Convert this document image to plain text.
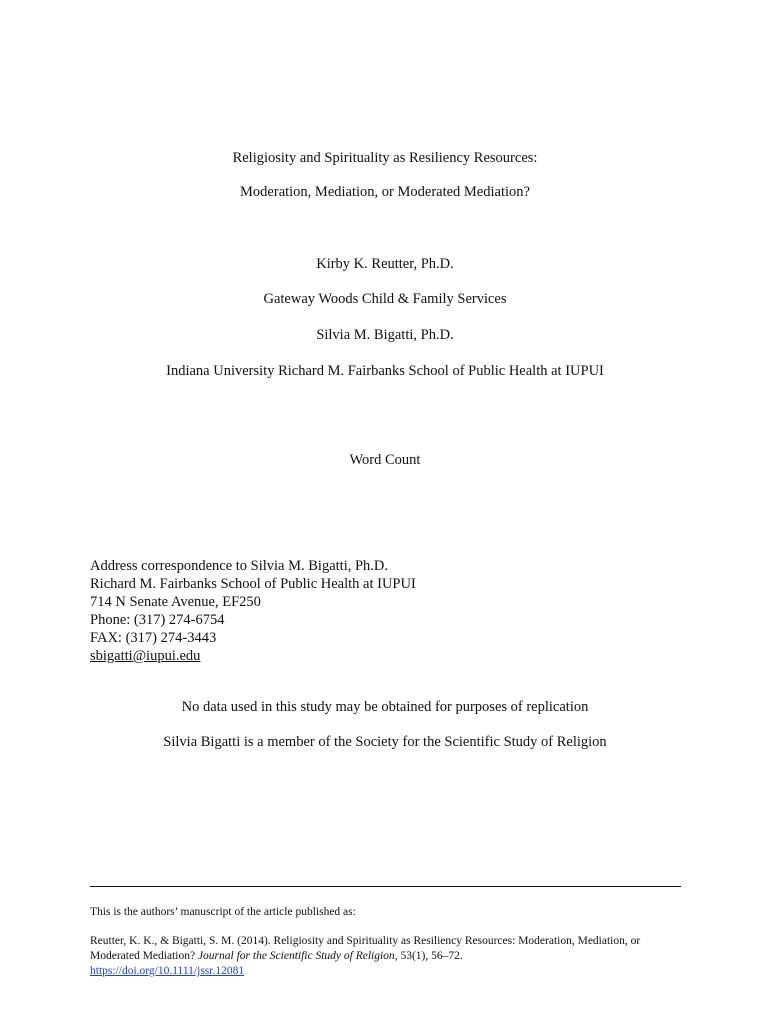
Religiosity and Spirituality as Resiliency Resources:
Moderation, Mediation, or Moderated Mediation?
Kirby K. Reutter, Ph.D.
Gateway Woods Child & Family Services
Silvia M. Bigatti, Ph.D.
Indiana University Richard M. Fairbanks School of Public Health at IUPUI
Word Count
Address correspondence to Silvia M. Bigatti, Ph.D.
Richard M. Fairbanks School of Public Health at IUPUI
714 N Senate Avenue, EF250
Phone: (317) 274-6754
FAX: (317) 274-3443
sbigatti@iupui.edu
No data used in this study may be obtained for purposes of replication
Silvia Bigatti is a member of the Society for the Scientific Study of Religion
This is the authors’ manuscript of the article published as:
Reutter, K. K., & Bigatti, S. M. (2014). Religiosity and Spirituality as Resiliency Resources: Moderation, Mediation, or Moderated Mediation? Journal for the Scientific Study of Religion, 53(1), 56–72.
https://doi.org/10.1111/jssr.12081
